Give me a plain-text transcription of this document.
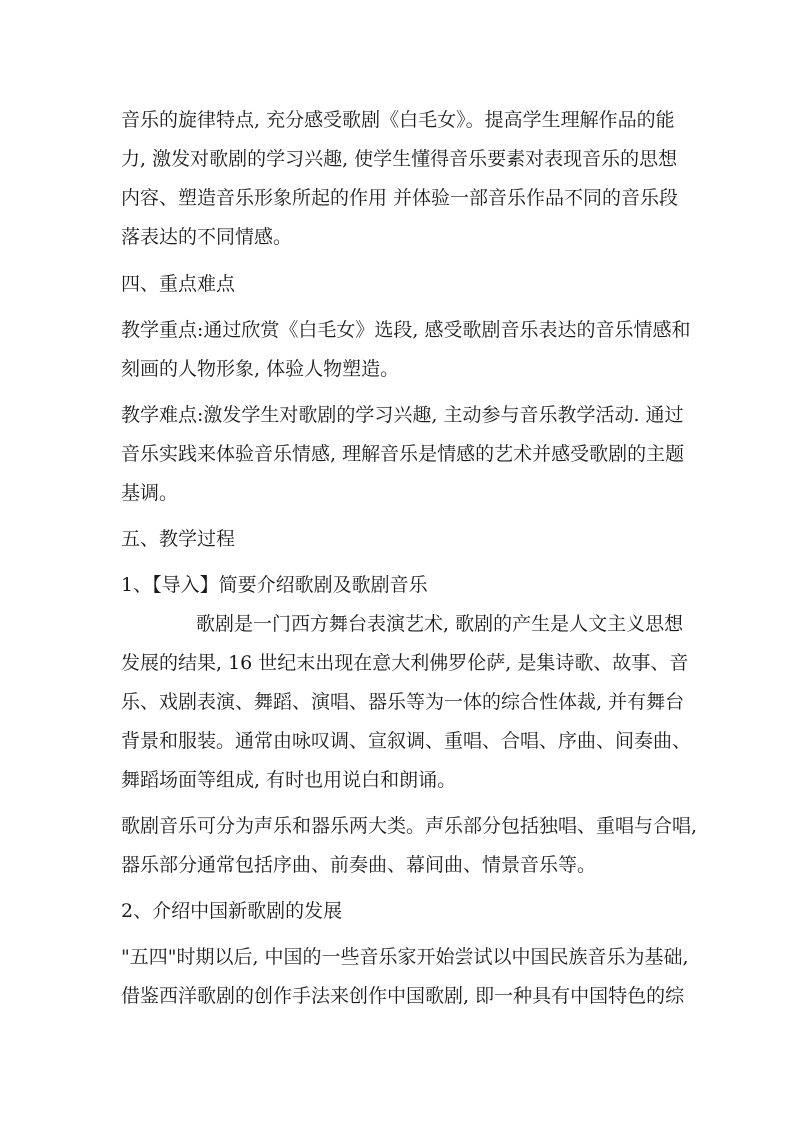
音乐的旋律特点, 充分感受歌剧《白毛女》。提高学生理解作品的能
力, 激发对歌剧的学习兴趣, 使学生懂得音乐要素对表现音乐的思想
内容、塑造音乐形象所起的作用 并体验一部音乐作品不同的音乐段
落表达的不同情感。
四、重点难点
教学重点:通过欣赏《白毛女》选段, 感受歌剧音乐表达的音乐情感和
刻画的人物形象, 体验人物塑造。
教学难点:激发学生对歌剧的学习兴趣, 主动参与音乐教学活动. 通过
音乐实践来体验音乐情感, 理解音乐是情感的艺术并感受歌剧的主题
基调。
五、教学过程
1、【导入】简要介绍歌剧及歌剧音乐
歌剧是一门西方舞台表演艺术, 歌剧的产生是人文主义思想
发展的结果, 16 世纪末出现在意大利佛罗伦萨, 是集诗歌、故事、音
乐、戏剧表演、舞蹈、演唱、器乐等为一体的综合性体裁, 并有舞台
背景和服装。通常由咏叹调、宣叙调、重唱、合唱、序曲、间奏曲、
舞蹈场面等组成, 有时也用说白和朗诵。
歌剧音乐可分为声乐和器乐两大类。声乐部分包括独唱、重唱与合唱,
器乐部分通常包括序曲、前奏曲、幕间曲、情景音乐等。
2、介绍中国新歌剧的发展
"五四"时期以后, 中国的一些音乐家开始尝试以中国民族音乐为基础,
借鉴西洋歌剧的创作手法来创作中国歌剧, 即一种具有中国特色的综
